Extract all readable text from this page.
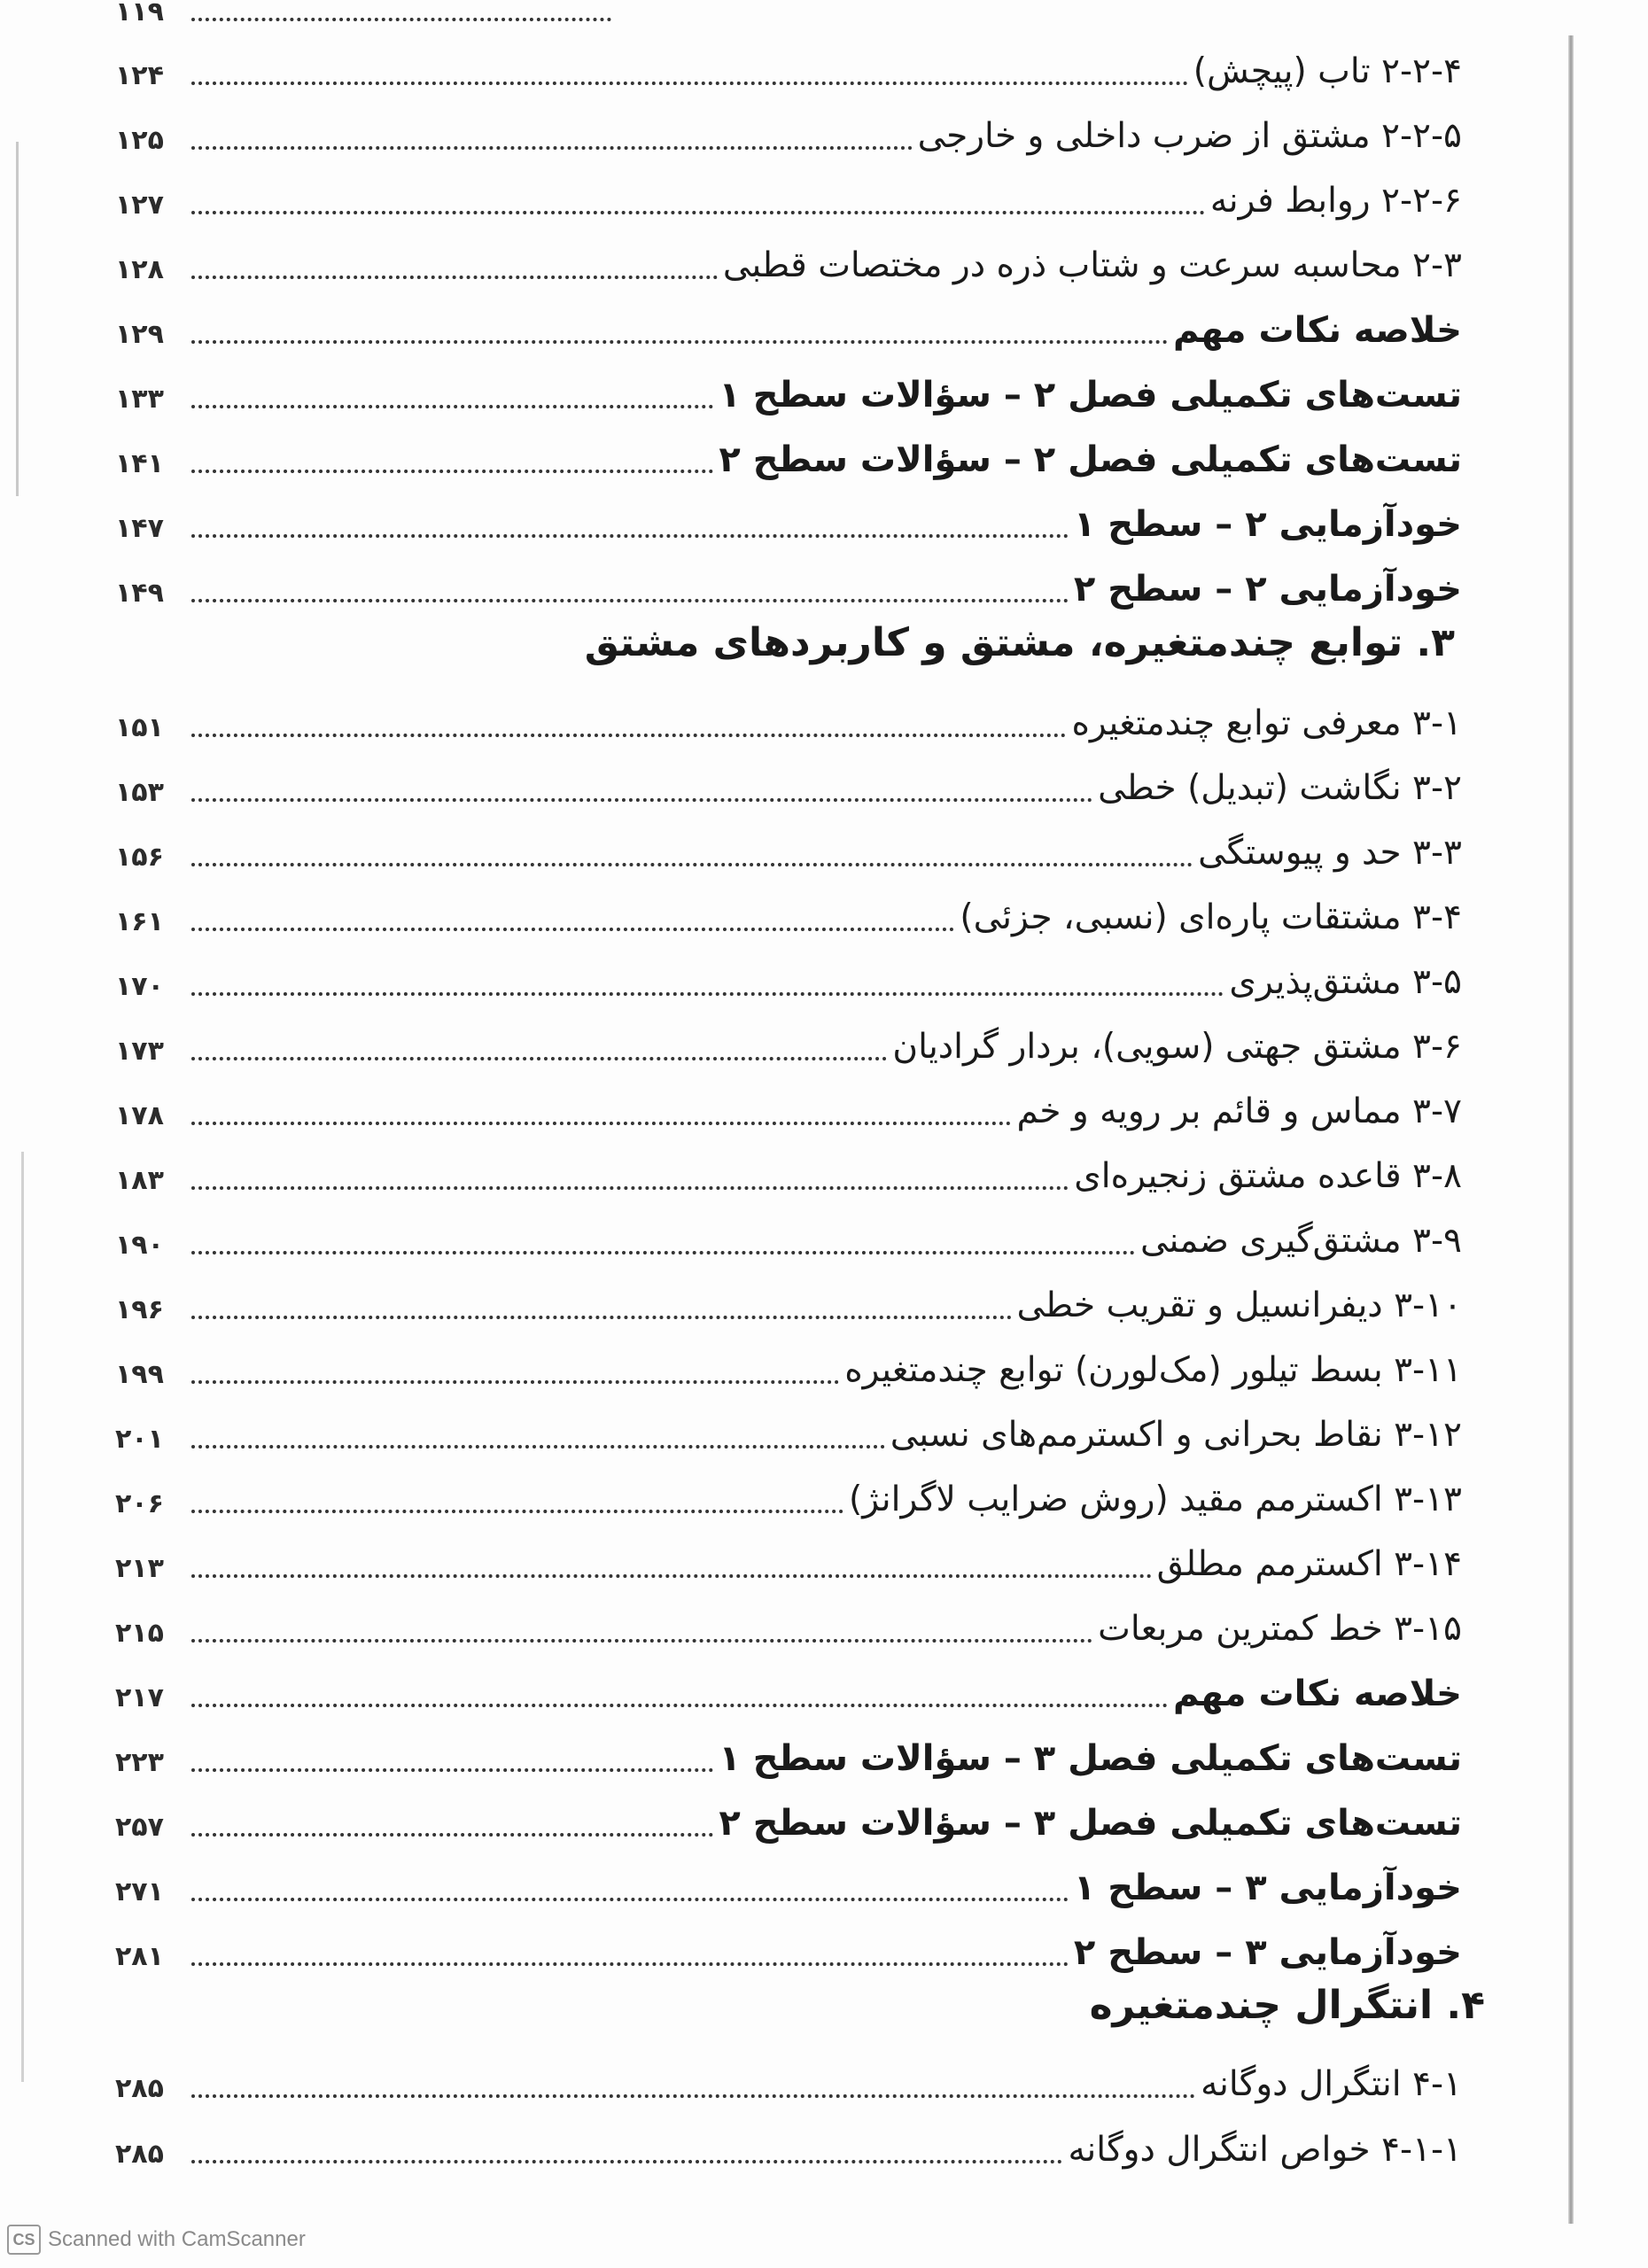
۱۱۹
۲-۲-۴ تاب (پیچش)
۱۲۴
۲-۲-۵ مشتق از ضرب داخلی و خارجی
۱۲۵
۲-۲-۶ روابط فرنه
۱۲۷
۲-۳ محاسبه سرعت و شتاب ذره در مختصات قطبی
۱۲۸
خلاصه نکات مهم
۱۲۹
تست‌های تکمیلی فصل ۲ – سؤالات سطح ۱
۱۳۳
تست‌های تکمیلی فصل ۲ – سؤالات سطح ۲
۱۴۱
خودآزمایی ۲ – سطح ۱
۱۴۷
خودآزمایی ۲ – سطح ۲
۱۴۹
۳. توابع چندمتغیره، مشتق و کاربردهای مشتق
۳-۱ معرفی توابع چندمتغیره
۱۵۱
۳-۲ نگاشت (تبدیل) خطی
۱۵۳
۳-۳ حد و پیوستگی
۱۵۶
۳-۴ مشتقات پاره‌ای (نسبی، جزئی)
۱۶۱
۳-۵ مشتق‌پذیری
۱۷۰
۳-۶ مشتق جهتی (سویی)، بردار گرادیان
۱۷۳
۳-۷ مماس و قائم بر رویه و خم
۱۷۸
۳-۸ قاعده مشتق زنجیره‌ای
۱۸۳
۳-۹ مشتق‌گیری ضمنی
۱۹۰
۳-۱۰ دیفرانسیل و تقریب خطی
۱۹۶
۳-۱۱ بسط تیلور (مک‌لورن) توابع چندمتغیره
۱۹۹
۳-۱۲ نقاط بحرانی و اکسترمم‌های نسبی
۲۰۱
۳-۱۳ اکسترمم مقید (روش ضرایب لاگرانژ)
۲۰۶
۳-۱۴ اکسترمم مطلق
۲۱۳
۳-۱۵ خط کمترین مربعات
۲۱۵
خلاصه نکات مهم
۲۱۷
تست‌های تکمیلی فصل ۳ – سؤالات سطح ۱
۲۲۳
تست‌های تکمیلی فصل ۳ – سؤالات سطح ۲
۲۵۷
خودآزمایی ۳ – سطح ۱
۲۷۱
خودآزمایی ۳ – سطح ۲
۲۸۱
۴. انتگرال چندمتغیره
۴-۱ انتگرال دوگانه
۲۸۵
۴-۱-۱ خواص انتگرال دوگانه
۲۸۵
CS Scanned with CamScanner
